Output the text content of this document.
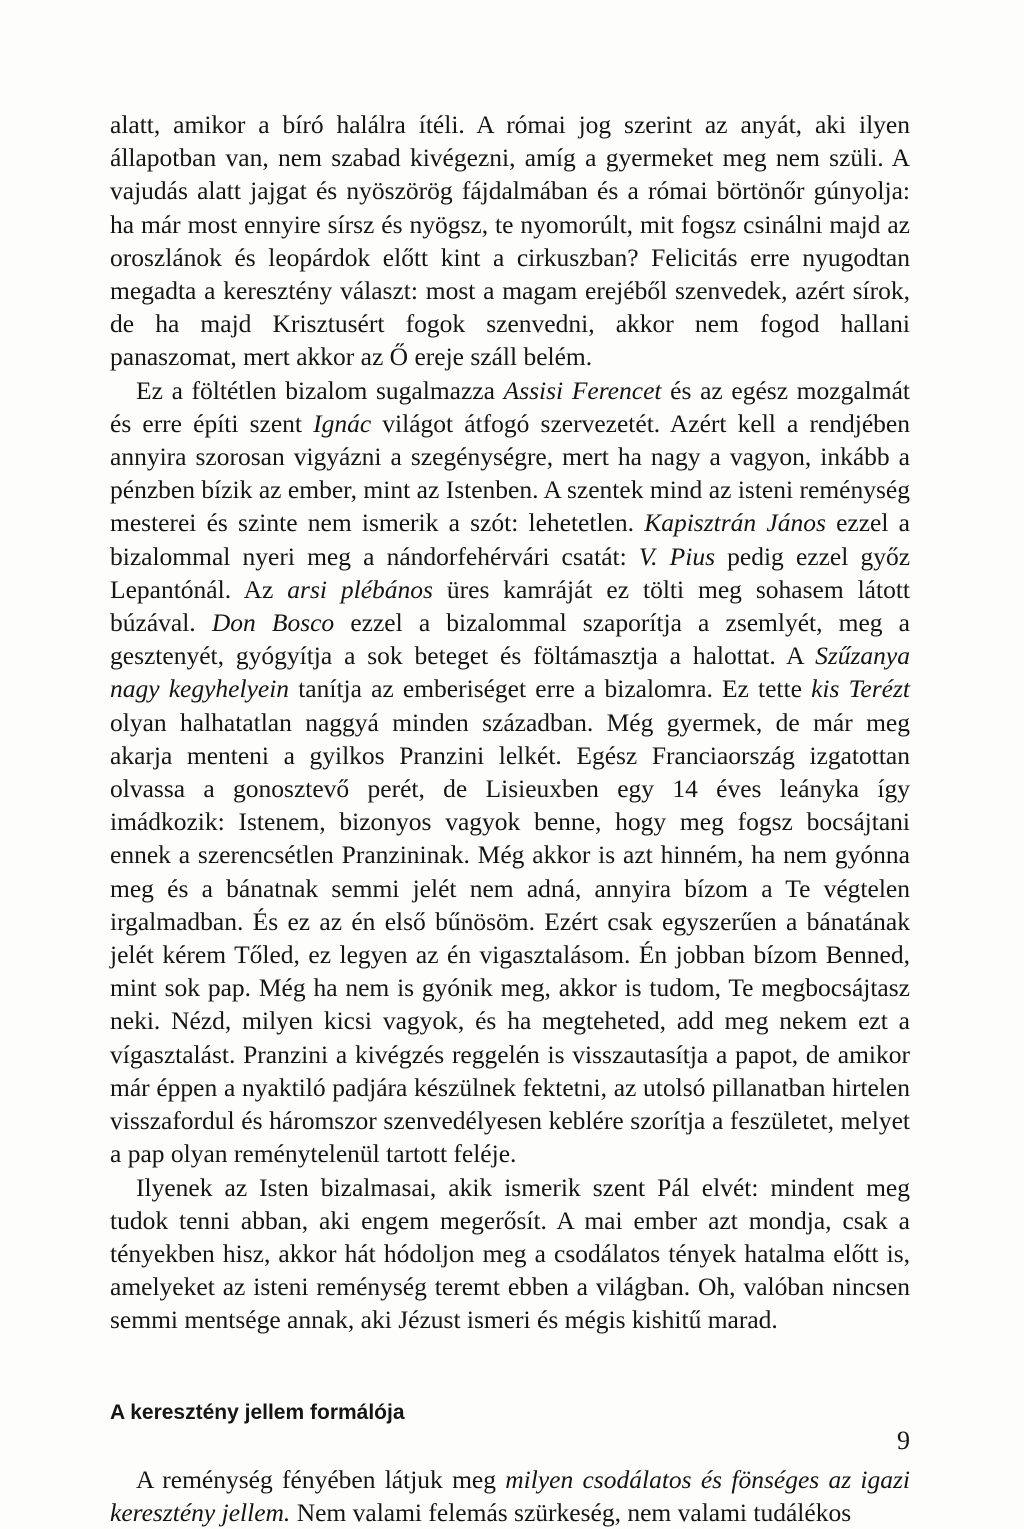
alatt, amikor a bíró halálra ítéli. A római jog szerint az anyát, aki ilyen állapotban van, nem szabad kivégezni, amíg a gyermeket meg nem szüli. A vajudás alatt jajgat és nyöszörög fájdalmában és a római börtönőr gúnyolja: ha már most ennyire sírsz és nyögsz, te nyomorúlt, mit fogsz csinálni majd az oroszlánok és leopárdok előtt kint a cirkuszban? Felicitás erre nyugodtan megadta a keresztény választ: most a magam erejéből szenvedek, azért sírok, de ha majd Krisztusért fogok szenvedni, akkor nem fogod hallani panaszomat, mert akkor az Ő ereje száll belém.

Ez a föltétlen bizalom sugalmazza Assisi Ferencet és az egész mozgalmát és erre építi szent Ignác világot átfogó szervezetét. Azért kell a rendjében annyira szorosan vigyázni a szegénységre, mert ha nagy a vagyon, inkább a pénzben bízik az ember, mint az Istenben. A szentek mind az isteni reménység mesterei és szinte nem ismerik a szót: lehetetlen. Kapisztrán János ezzel a bizalommal nyeri meg a nándorfehérvári csatát: V. Pius pedig ezzel győz Lepantónál. Az arsi plébános üres kamráját ez tölti meg sohasem látott búzával. Don Bosco ezzel a bizalommal szaporítja a zsemlyét, meg a gesztenyét, gyógyítja a sok beteget és föltámasztja a halottat. A Szűzanya nagy kegyhelyein tanítja az emberiséget erre a bizalomra. Ez tette kis Terézt olyan halhatatlan naggyá minden században. Még gyermek, de már meg akarja menteni a gyilkos Pranzini lelkét. Egész Franciaország izgatottan olvassa a gonosztevő perét, de Lisieuxben egy 14 éves leányka így imádkozik: Istenem, bizonyos vagyok benne, hogy meg fogsz bocsájtani ennek a szerencsétlen Pranzininak. Még akkor is azt hinném, ha nem gyónna meg és a bánatnak semmi jelét nem adná, annyira bízom a Te végtelen irgalmadban. És ez az én első bűnösöm. Ezért csak egyszerűen a bánatának jelét kérem Tőled, ez legyen az én vigasztalásom. Én jobban bízom Benned, mint sok pap. Még ha nem is gyónik meg, akkor is tudom, Te megbocsájtasz neki. Nézd, milyen kicsi vagyok, és ha megteheted, add meg nekem ezt a vígasztalást. Pranzini a kivégzés reggelén is visszautasítja a papot, de amikor már éppen a nyaktiló padjára készülnek fektetni, az utolsó pillanatban hirtelen visszafordul és háromszor szenvedélyesen keblére szorítja a feszületet, melyet a pap olyan reménytelenül tartott feléje.

Ilyenek az Isten bizalmasai, akik ismerik szent Pál elvét: mindent meg tudok tenni abban, aki engem megerősít. A mai ember azt mondja, csak a tényekben hisz, akkor hát hódoljon meg a csodálatos tények hatalma előtt is, amelyeket az isteni reménység teremt ebben a világban. Oh, valóban nincsen semmi mentsége annak, aki Jézust ismeri és mégis kishitű marad.

A keresztény jellem formálója

A reménység fényében látjuk meg milyen csodálatos és fönséges az igazi keresztény jellem. Nem valami felemás szürkeség, nem valami tudálékos

9
